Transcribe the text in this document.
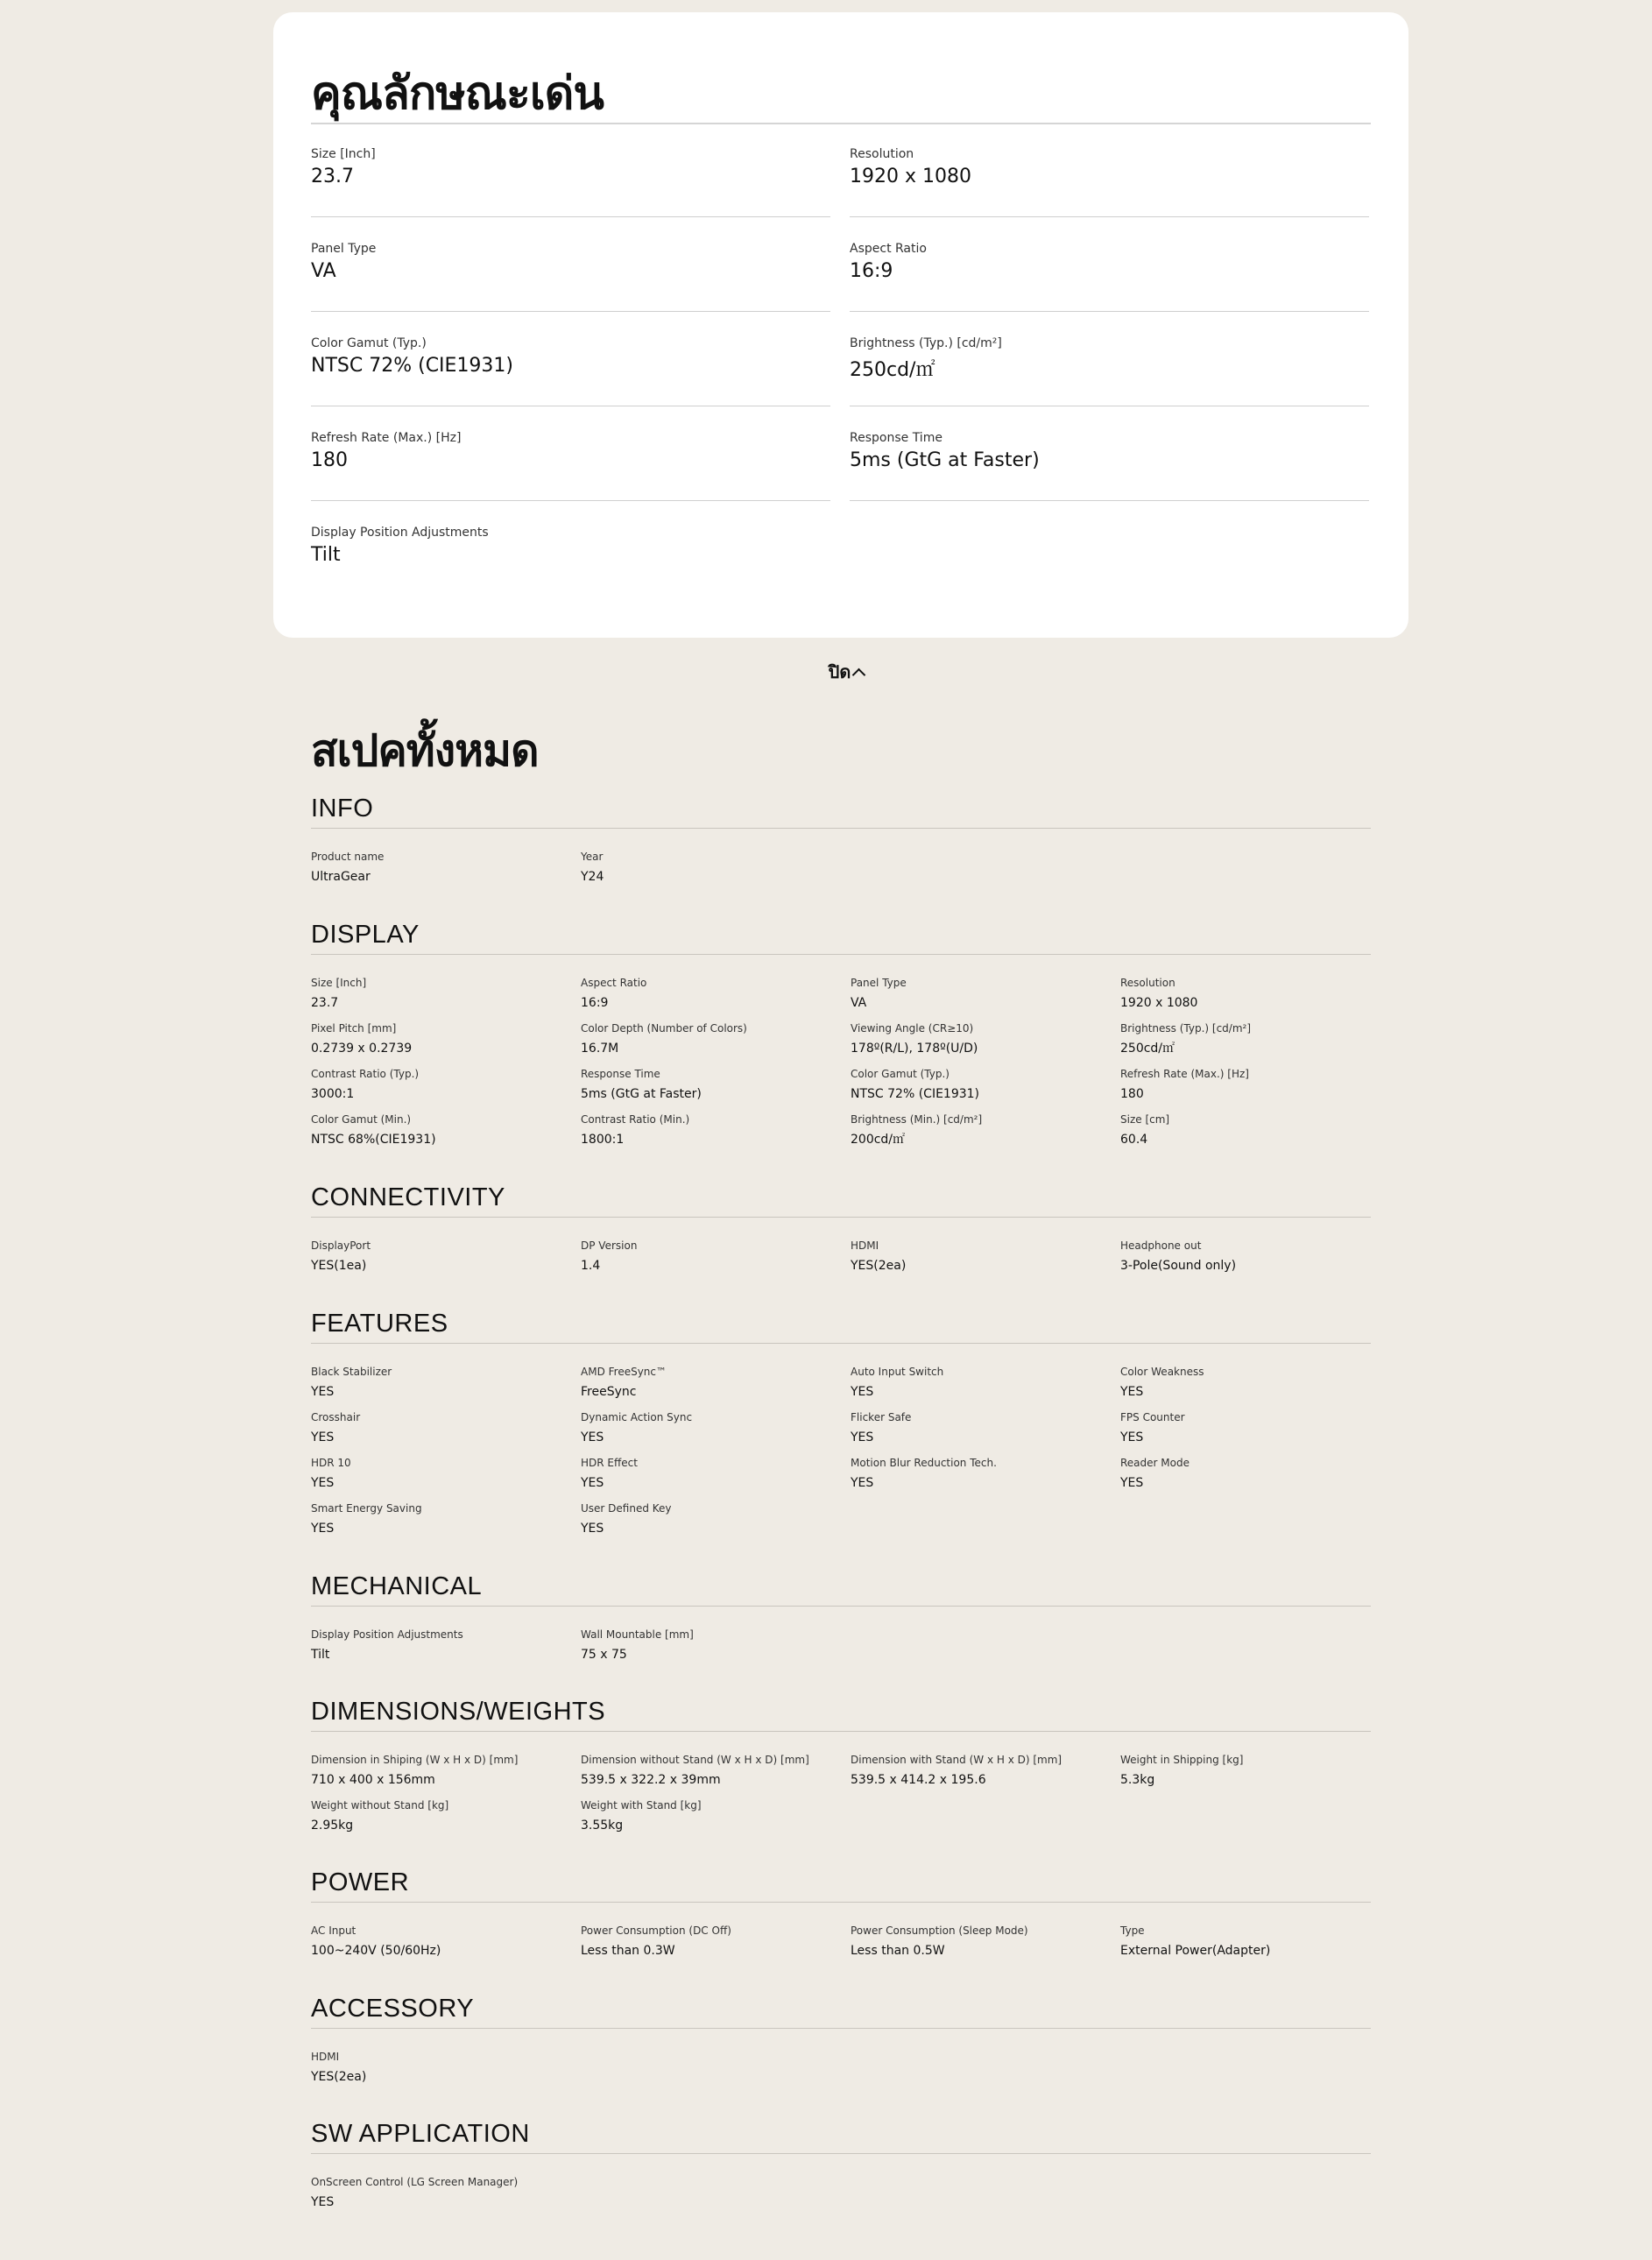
คุณลักษณะเด่น
Size [Inch]
23.7
Resolution
1920 x 1080
Panel Type
VA
Aspect Ratio
16:9
Color Gamut (Typ.)
NTSC 72% (CIE1931)
Brightness (Typ.) [cd/m²]
250cd/㎡
Refresh Rate (Max.) [Hz]
180
Response Time
5ms (GtG at Faster)
Display Position Adjustments
Tilt
ปิด
สเปคทั้งหมด
INFO
Product name
UltraGear
Year
Y24
DISPLAY
Size [Inch]
23.7
Aspect Ratio
16:9
Panel Type
VA
Resolution
1920 x 1080
Pixel Pitch [mm]
0.2739 x 0.2739
Color Depth (Number of Colors)
16.7M
Viewing Angle (CR≥10)
178º(R/L), 178º(U/D)
Brightness (Typ.) [cd/m²]
250cd/㎡
Contrast Ratio (Typ.)
3000:1
Response Time
5ms (GtG at Faster)
Color Gamut (Typ.)
NTSC 72% (CIE1931)
Refresh Rate (Max.) [Hz]
180
Color Gamut (Min.)
NTSC 68%(CIE1931)
Contrast Ratio (Min.)
1800:1
Brightness (Min.) [cd/m²]
200cd/㎡
Size [cm]
60.4
CONNECTIVITY
DisplayPort
YES(1ea)
DP Version
1.4
HDMI
YES(2ea)
Headphone out
3-Pole(Sound only)
FEATURES
Black Stabilizer
YES
AMD FreeSync™
FreeSync
Auto Input Switch
YES
Color Weakness
YES
Crosshair
YES
Dynamic Action Sync
YES
Flicker Safe
YES
FPS Counter
YES
HDR 10
YES
HDR Effect
YES
Motion Blur Reduction Tech.
YES
Reader Mode
YES
Smart Energy Saving
YES
User Defined Key
YES
MECHANICAL
Display Position Adjustments
Tilt
Wall Mountable [mm]
75 x 75
DIMENSIONS/WEIGHTS
Dimension in Shiping (W x H x D) [mm]
710 x 400 x 156mm
Dimension without Stand (W x H x D) [mm]
539.5 x 322.2 x 39mm
Dimension with Stand (W x H x D) [mm]
539.5 x 414.2 x 195.6
Weight in Shipping [kg]
5.3kg
Weight without Stand [kg]
2.95kg
Weight with Stand [kg]
3.55kg
POWER
AC Input
100~240V (50/60Hz)
Power Consumption (DC Off)
Less than 0.3W
Power Consumption (Sleep Mode)
Less than 0.5W
Type
External Power(Adapter)
ACCESSORY
HDMI
YES(2ea)
SW APPLICATION
OnScreen Control (LG Screen Manager)
YES
